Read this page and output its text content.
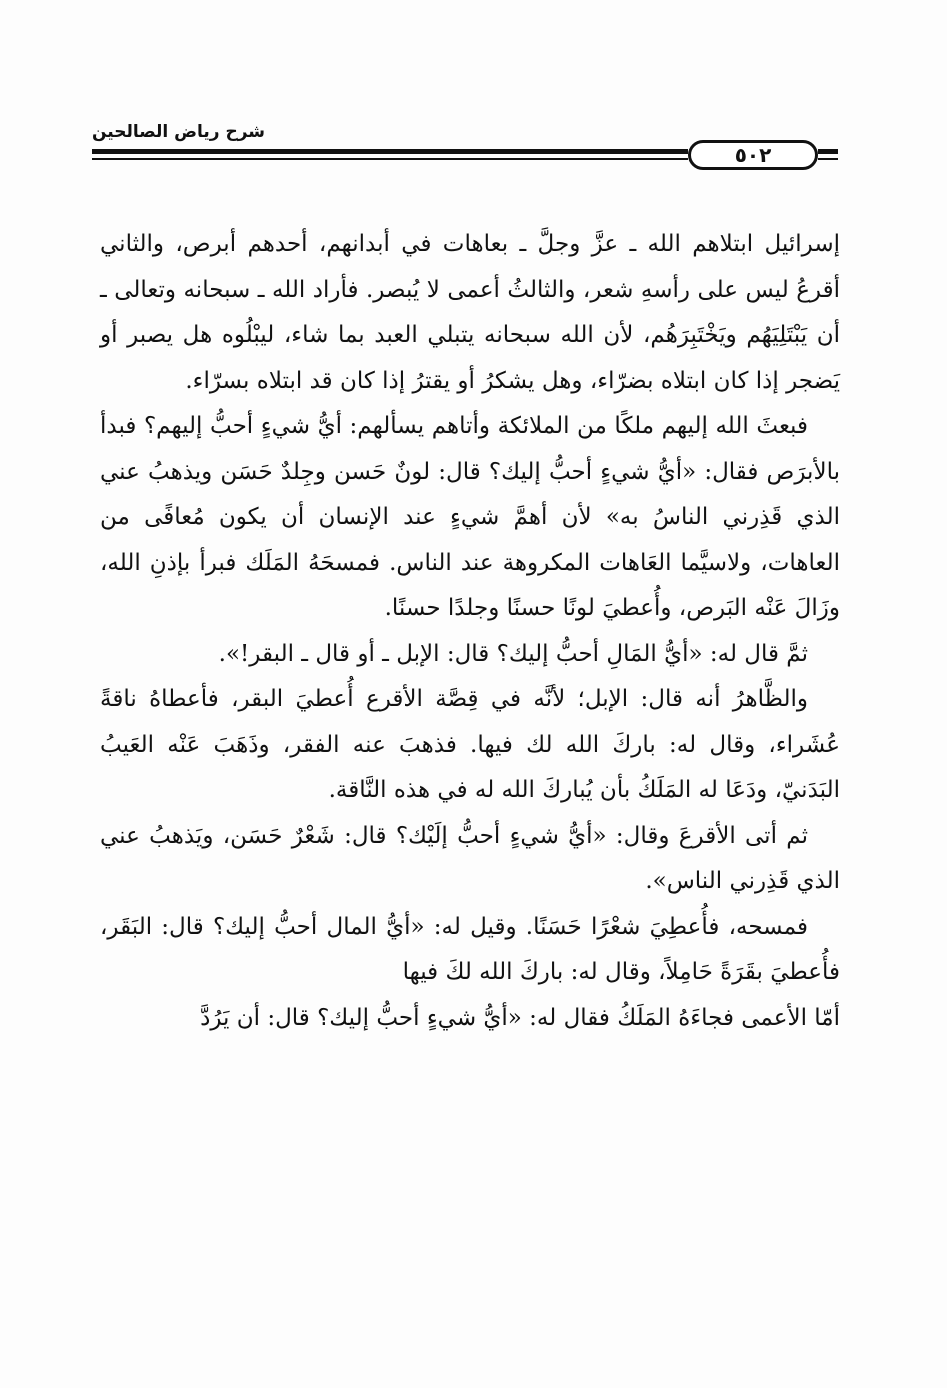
شرح رياض الصالحين
٥٠٢

إسرائيل ابتلاهم الله ـ عزَّ وجلَّ ـ بعاهات في أبدانهم، أحدهم أبرص، والثاني أقرعُ ليس على رأسهِ شعر، والثالثُ أعمى لا يُبصر. فأراد الله ـ سبحانه وتعالى ـ أن يَبْتَلِيَهُم ويَخْتَبِرَهُم، لأن الله سبحانه يتبلي العبد بما شاء، ليبْلُوه هل يصبر أو يَضجر إذا كان ابتلاه بضرّاء، وهل يشكرُ أو يقترُ إذا كان قد ابتلاه بسرّاء.

فبعثَ الله إليهم ملكًا من الملائكة وأتاهم يسألهم: أيُّ شيءٍ أحبُّ إليهم؟ فبدأ بالأبرَص فقال: «أيُّ شيءٍ أحبُّ إليك؟ قال: لونٌ حَسن وجِلدٌ حَسَن ويذهبُ عني الذي قَذِرني الناسُ به» لأن أهمَّ شيءٍ عند الإنسان أن يكون مُعافًى من العاهات، ولاسيَّما العَاهات المكروهة عند الناس. فمسحَهُ المَلَك فبرأ بإذنِ الله، وزَالَ عَنْه البَرص، وأُعطيَ لونًا حسنًا وجلدًا حسنًا.

ثمَّ قال له: «أيُّ المَالِ أحبُّ إليك؟ قال: الإبل ـ أو قال ـ البقر!».

والظَّاهرُ أنه قال: الإبل؛ لأنَّه في قِصَّة الأقرع أُعطيَ البقر، فأعطاهُ ناقةً عُشَراء، وقال له: باركَ الله لك فيها. فذهبَ عنه الفقر، وذَهَبَ عَنْه العَيبُ البَدَنيّ، ودَعَا له المَلَكُ بأن يُباركَ الله له في هذه النَّاقة.

ثم أتى الأقرعَ وقال: «أيُّ شيءٍ أحبُّ إلَيْك؟ قال: شَعْرٌ حَسَن، ويَذهبُ عني الذي قَذِرني الناس».

فمسحه، فأُعطِيَ شعْرًا حَسَنًا. وقيل له: «أيُّ المال أحبُّ إليك؟ قال: البَقَر، فأُعطيَ بقَرَةً حَامِلاً، وقال له: باركَ الله لكَ فيها

أمّا الأعمى فجاءَهُ المَلَكُ فقال له: «أيُّ شيءٍ أحبُّ إليك؟ قال: أن يَرُدَّ
